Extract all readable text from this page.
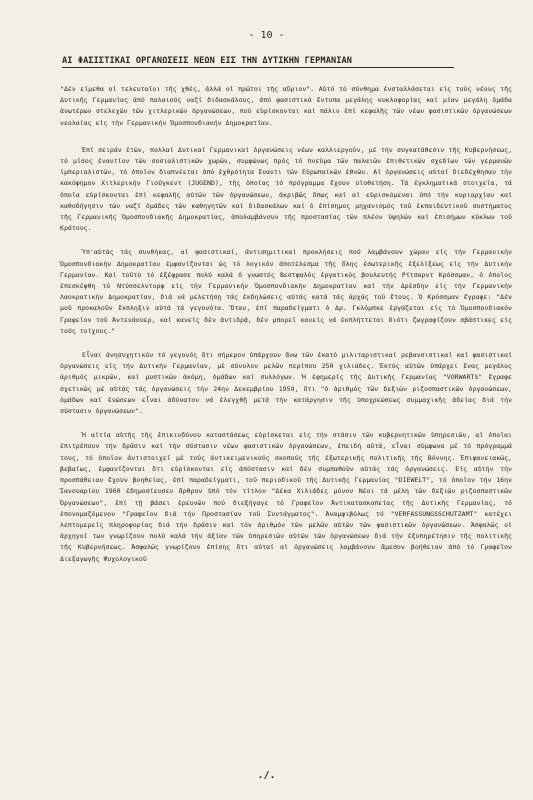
- 10 -
ΑΙ ΦΑΣΙΣΤΙΚΑΙ ΟΡΓΑΝΩΣΕΙΣ ΝΕΩΝ ΕΙΣ ΤΗΝ ΔΥΤΙΚΗΝ ΓΕΡΜΑΝΙΑΝ

"Δέν είμεθα οἱ τελευταῖοι τῆς χθές, ἀλλά οἱ πρῶτοι τῆς αὔριον". Αὐτό τό σύνθημα ἐνσταλλάσεται εἰς τούς νέους τῆς Δυτικῆς Γερμανίας ἀπό παλαιούς ναζί διδασκάλους, ἀπό φασιστικά ἔντυπα μεγάλης κυκλοφορίας καί μίαν μεγάλη ὁμάδα ἀνωτέρων στελεχῶν τῶν χιτλερικῶν ὀργανώσεων, πού εὑρίσκονται καί πάλιν ἐπί κεφαλῆς τῶν νέων φασιστικῶν ὀργανώσεων νεολαίας εἰς τήν Γερμανικήν Ὁμοσπονδιακήν Δημοκρατίαν.

Ἐπί σειράν ἐτῶν, πολλαί Δυτικαί Γερμανικαί ὀργανώσεις νέων καλλιεργοῦν, μέ τήν συγκατάθεσιν τῆς Κυβερνήσεως, τό μῖσος ἐναντίον τῶν σοσιαλιστικῶν χωρῶν, συμφώνως πρός τό πνεῦμα τῶν παλαιῶν ἐπιθετικῶν σχεδίων τῶν γερμανῶν ἰμπεριαλιστῶν, τό ὁποῖον διαπνέεται ἀπό ἐχθρότητα ἔναντι τῶν Εὐρωπαϊκῶν ἐθνῶν. Αἱ ὀργανώσεις αὐταί διεδέχθησαν τήν κακόφημον Χιτλερικήν Γιούγκεντ (JUGEND), τῆς ὁποίας τό πρόγραμμα ἔχουν υἱοθετήση. Τά ἐγκληματικά στοιχεῖα, τά ὁποῖα εὑρίσκονται ἐπί κεφαλῆς αὐτῶν τῶν ὀργανώσεων, ἀκριβῶς ὅπως καί αἱ εὑρισκόμεναι ὑπό τήν κυριαρχίαν καί καθοδήγησιν τῶν ναζί ὁμάδες τῶν καθηγητῶν καί διδασκάλων καί ὁ ἐπίσημος μηχανισμός τοῦ ἐκπαιδευτικοῦ συστήματος τῆς Γερμανικῆς Ὁμοσπονδιακῆς Δημοκρατίας, ἀπολαμβάνουν τῆς προστασίας τῶν πλέον ὑψηλῶν καί ἐπισήμων κύκλων τοῦ Κράτους.

Ὑπ'αὐτάς τάς συνθήκας, αἱ φασιστικαί, ἀντισημιτικαί προκλήσεις πού λαμβάνουν χώραν εἰς τήν Γερμανικήν Ὁμοσπονδιακήν Δημοκρατίαν ἐμφανίζονται ὡς τό λογικόν ἀποτέλεσμα τῆς ὅλης ἐσωτερικῆς ἐξελίξεως εἰς τήν Δυτικήν Γερμανίαν. Καί τοῦτο τό ἐξέφρασε πολύ καλά ὁ γνωστός Βεστφαλός ἐργατικός βουλευτής Ρίτσαρντ Κρόσσμαν, ὁ ὁποῖος ἐπεσκέφθη τό Ντύσσελντορφ εἰς τήν Γερμανικήν Ὁμοσπονδιακήν Δημοκρατίαν καί τήν Δρέσδην εἰς τήν Γερμανικήν Λαοκρατικήν Δημοκρατίαν, διά νά μελετήσῃ τάς ἐκδηλώσεις αὐτάς κατά τάς ἀρχάς τοῦ ἔτους. Ὁ Κρόσσμαν ἔγραψε: "Δέν μοῦ προκαλοῦν ἔκπληξιν αὐτά τά γεγονότα. Ὅταν, ἐπί παραδείγματι ὁ Δρ. Γκλόμπκε ἐργάζεται εἰς τό Ὁμοσπονδιακόν Γραφεῖον τοῦ Ἀντενάουερ, καί κανείς δέν ἀντιδρᾷ, δέν μπορεῖ κανείς νά ἐκπλήττεται διότι ζωγραφίζουν σβάστικες εἰς τούς τοίχους."

Εἶναι ἀνησυχητικόν τό γεγονός ὅτι σήμερον ὑπάρχουν ἄνω τῶν ἑκατό μιλιταριστικαί ρεβανσιστικαί καί φασιστικαί ὀργανώσεις εἰς τήν Δυτικήν Γερμανίαν, μέ σύνολον μελῶν περίπου 250 χιλιάδες. Ἐκτός αὐτῶν ὑπάρχει ἕνας μεγάλος ἀριθμός μικρῶν, καί μυστικῶν ἀκόμη, ὁμάδων καί συλλόγων. Ἡ ἐφημερίς τῆς Δυτικῆς Γερμανίας "VORWARTS" ἔγραφε σχετικῶς μέ αὐτάς τάς ὀργανώσεις τήν 24ην Δεκεμβρίου 1959, ὅτι "ὁ ἀριθμός τῶν δεξιῶν ριζοσπαστικῶν ὀργανώσεων, ὁμάδων καί ἑνώσεων εἶναι ἀδύνατον νά ἐλεγχθῇ μετά τήν κατάργησιν τῆς ὑποχρεώσεως συμμαχικῆς ἀδείας διά τήν σύστασιν ὀργανώσεων".

Ἡ αἰτία αὐτῆς τῆς ἐπικινδύνου καταστάσεως εὑρίσκεται εἰς τήν στάσιν τῶν κυβερνητικῶν ὑπηρεσιῶν, αἱ ὁποῖαι ἐπιτρέπουν τήν δρᾶσιν καί τήν σύστασιν νέων φασιστικῶν ὀργανώσεων, ἐπειδή αὐτά, εἶναι σύμφωνα μέ τό πρόγραμμά τους, τό ὁποῖον ἀντιστοιχεῖ μέ τούς ἀντικειμενικούς σκοπούς τῆς ἐξωτερικῆς πολιτικῆς τῆς Βόννης. Ἐπιφανειακῶς, βεβαίως, ἐμφανίζονται ὅτι εὑρίσκονται εἰς ἀπόστασιν καί δέν συμπαθοῦν αὐτάς τάς ὀργανώσεις. Εἰς αὐτήν τήν προσπάθειαν ἔχουν βοηθείας, ἐπί παραδείγματι, τοῦ περιοδικοῦ τῆς Δυτικῆς Γερμανίας "DIEWELT", τό ὁποῖον τήν 16ην Ἰανουαρίου 1960 ἐδημοσίευσεν ἄρθρον ὑπό τόν τίτλον "Δέκα Χιλιάδες μόνον Νέοι τά μέλη τῶν δεξιῶν ριζοσπαστικῶν Ὀργανώσεων", ἐπί τῇ βάσει ἐρευνῶν πού διεξήγαγε τό Γραφεῖον Ἀντικατασκοπείας τῆς Δυτικῆς Γερμανίας, τό ἐπονομαζόμενον "Γραφεῖον διά τήν Προστασίαν τοῦ Συντάγματος". Ἀναμφιβόλως τό "VERFASSUNGSSCHUTZAMT" κατέχει λεπτομερεῖς πληροφορίας διά τήν δρᾶσιν καί τόν ἀριθμόν τῶν μελῶν αὐτῶν τῶν φασιστικῶν ὀργανώσεων. Ἀσφαλῶς οἱ ἀρχηγοί των γνωρίζουν πολύ καλά τήν ἀξίαν τῶν ὑπηρεσιῶν αὐτῶν τῶν ὀργανώσεων διά τήν ἐξυπηρέτησιν τῆς πολιτικῆς τῆς Κυβερνήσεως. Ἀσφαλῶς γνωρίζουν ἐπίσης ὅτι αὐταί αἱ ὀργανώσεις λαμβάνουν ἄμεσον βοήθειαν ἀπό τό Γραφεῖον Διεξαγωγῆς Ψυχολογικοῦ

./.
